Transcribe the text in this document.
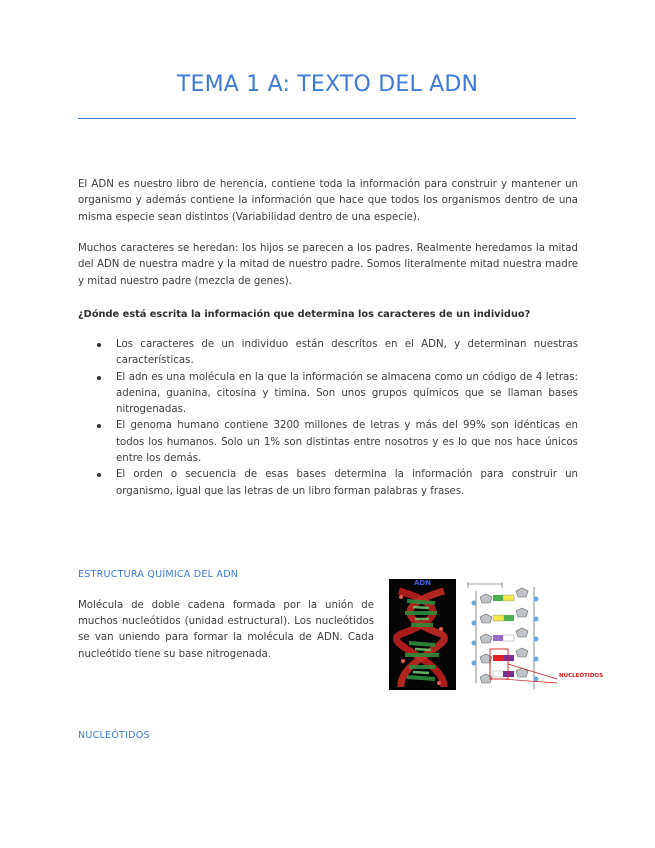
TEMA 1 A: TEXTO DEL ADN

El ADN es nuestro libro de herencia, contiene toda la información para construir y mantener un organismo y además contiene la información que hace que todos los organismos dentro de una misma especie sean distintos (Variabilidad dentro de una especie).

Muchos caracteres se heredan: los hijos se parecen a los padres. Realmente heredamos la mitad del ADN de nuestra madre y la mitad de nuestro padre. Somos literalmente mitad nuestra madre y mitad nuestro padre (mezcla de genes).

¿Dónde está escrita la información que determina los caracteres de un individuo?

Los caracteres de un individuo están descritos en el ADN, y determinan nuestras características.
El adn es una molécula en la que la información se almacena como un código de 4 letras: adenina, guanina, citosina y timina. Son unos grupos químicos que se llaman bases nitrogenadas.
El genoma humano contiene 3200 millones de letras y más del 99% son idénticas en todos los humanos. Solo un 1% son distintas entre nosotros y es lo que nos hace únicos entre los demás.
El orden o secuencia de esas bases determina la información para construir un organismo, igual que las letras de un libro forman palabras y frases.
ESTRUCTURA QUÍMICA DEL ADN

Molécula de doble cadena formada por la unión de muchos nucleótidos (unidad estructural). Los nucleótidos se van uniendo para formar la molécula de ADN. Cada nucleótido tiene su base nitrogenada.

ADN
NUCLEÓTIDOS
NUCLEÓTIDOS
